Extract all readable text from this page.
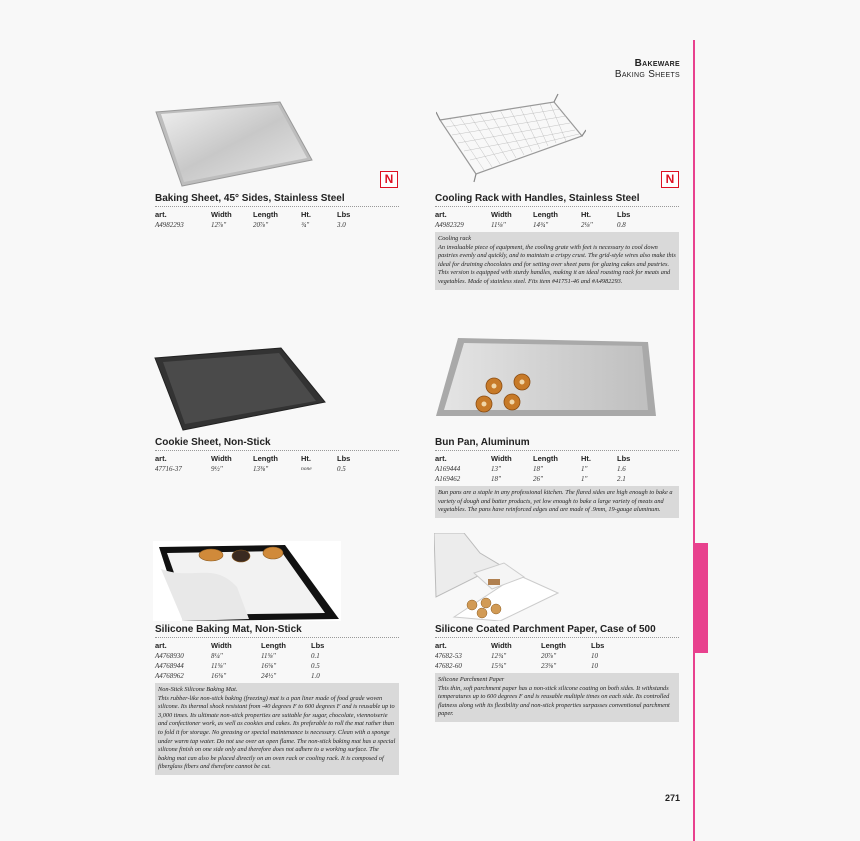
Bakeware
Baking Sheets
N	N
Baking Sheet, 45° Sides, Stainless Steel
art.	Width	Length	Ht.	Lbs
A4982293	12⅞"	20⅞"	¾"	3.0
Cooling Rack with Handles, Stainless Steel
art.	Width	Length	Ht.	Lbs
A4982329	11⅛"	14¾"	2⅛"	0.8
Cooling rack
An invaluable piece of equipment, the cooling grate with feet is necessary to cool down pastries evenly and quickly, and to maintain a crispy crust. The grid-style wires also make this ideal for draining chocolates and for setting over sheet pans for glazing cakes and pastries. This version is equipped with sturdy handles, making it an ideal roasting rack for meats and vegetables. Made of stainless steel. Fits item #41751-46 and #A4982293.
Cookie Sheet, Non-Stick
art.	Width	Length	Ht.	Lbs
47716-37	9½"	13⅜"	none	0.5
Bun Pan, Aluminum
art.	Width	Length	Ht.	Lbs
A169444	13"	18"	1"	1.6
A169462	18"	26"	1"	2.1
Bun pans are a staple in any professional kitchen. The flared sides are high enough to bake a variety of dough and batter products, yet low enough to bake a large variety of meats and vegetables. The pans have reinforced edges and are made of .9mm, 19-gauge aluminum.
Silicone Baking Mat, Non-Stick
art.	Width	Length	Lbs
A4768930	8¼"	11⅝"	0.1
A4768944	11⅝"	16⅝"	0.5
A4768962	16⅜"	24½"	1.0
Non-Stick Silicone Baking Mat.
This rubber-like non-stick baking (freezing) mat is a pan liner made of food grade woven silicone. Its thermal shock resistant from -40 degrees F to 600 degrees F and is reusable up to 3,000 times. Its ultimate non-stick properties are suitable for sugar, chocolate, viennoiserie and confectioner work, as well as cookies and cakes. Its preferable to roll the mat rather than to fold it for storage. No greasing or special maintenance is necessary. Clean with a sponge under warm tap water. Do not use over an open flame. The non-stick baking mat has a special silicone finish on one side only and therefore does not adhere to a working surface. The baking mat can also be placed directly on an oven rack or cooling rack. It is composed of fiberglass fibers and therefore cannot be cut.
Silicone Coated Parchment Paper, Case of 500
art.	Width	Length	Lbs
47682-53	12¾"	20⅞"	10
47682-60	15¾"	23⅝"	10
Silicone Parchment Paper
This thin, soft parchment paper has a non-stick silicone coating on both sides. It withstands temperatures up to 600 degrees F and is reusable multiple times on each side. Its controlled flatness along with its flexibility and non-stick properties surpasses conventional parchment paper.
271
